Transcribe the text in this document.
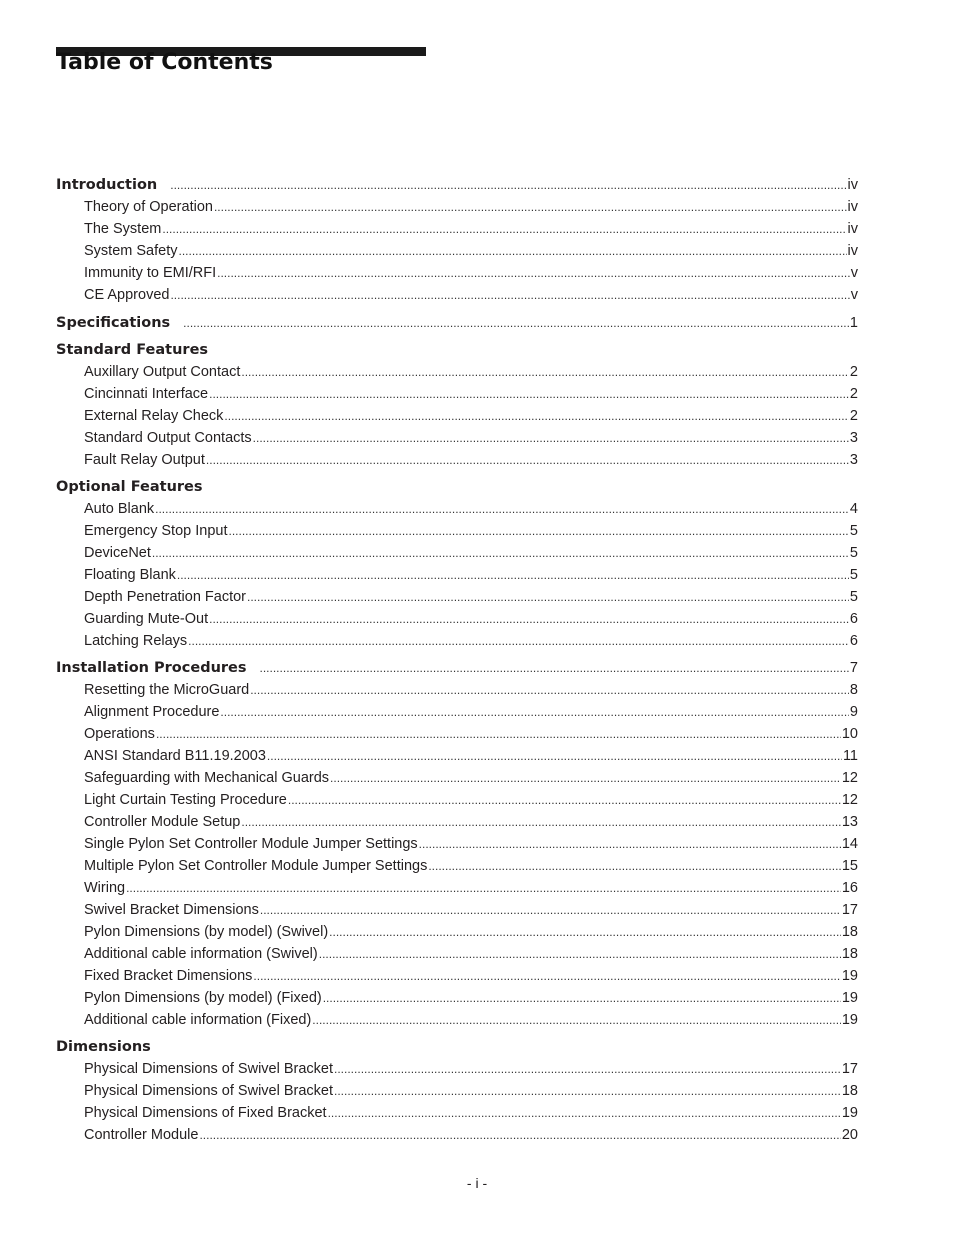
Table of Contents
Introduction .....	iv
Theory of Operation .....	iv
The System .....	iv
System Safety .....	iv
Immunity to EMI/RFI .....	v
CE Approved .....	v
Specifications .....	1
Standard Features
Auxillary Output Contact .....	2
Cincinnati Interface .....	2
External Relay Check .....	2
Standard Output Contacts .....	3
Fault Relay Output .....	3
Optional Features
Auto Blank .....	4
Emergency Stop Input .....	5
DeviceNet .....	5
Floating Blank .....	5
Depth Penetration Factor .....	5
Guarding Mute-Out .....	6
Latching Relays .....	6
Installation Procedures .....	7
Resetting the MicroGuard .....	8
Alignment Procedure .....	9
Operations .....	10
ANSI Standard B11.19.2003 .....	11
Safeguarding with Mechanical Guards .....	12
Light Curtain Testing Procedure .....	12
Controller Module Setup .....	13
Single Pylon Set Controller Module Jumper Settings .....	14
Multiple Pylon Set Controller Module Jumper Settings .....	15
Wiring .....	16
Swivel Bracket Dimensions .....	17
Pylon Dimensions (by model) (Swivel) .....	18
Additional cable information (Swivel) .....	18
Fixed Bracket Dimensions .....	19
Pylon Dimensions (by model) (Fixed) .....	19
Additional cable information (Fixed) .....	19
Dimensions
Physical Dimensions of Swivel Bracket .....	17
Physical Dimensions of Swivel Bracket .....	18
Physical Dimensions of Fixed Bracket .....	19
Controller Module .....	20
- i -
